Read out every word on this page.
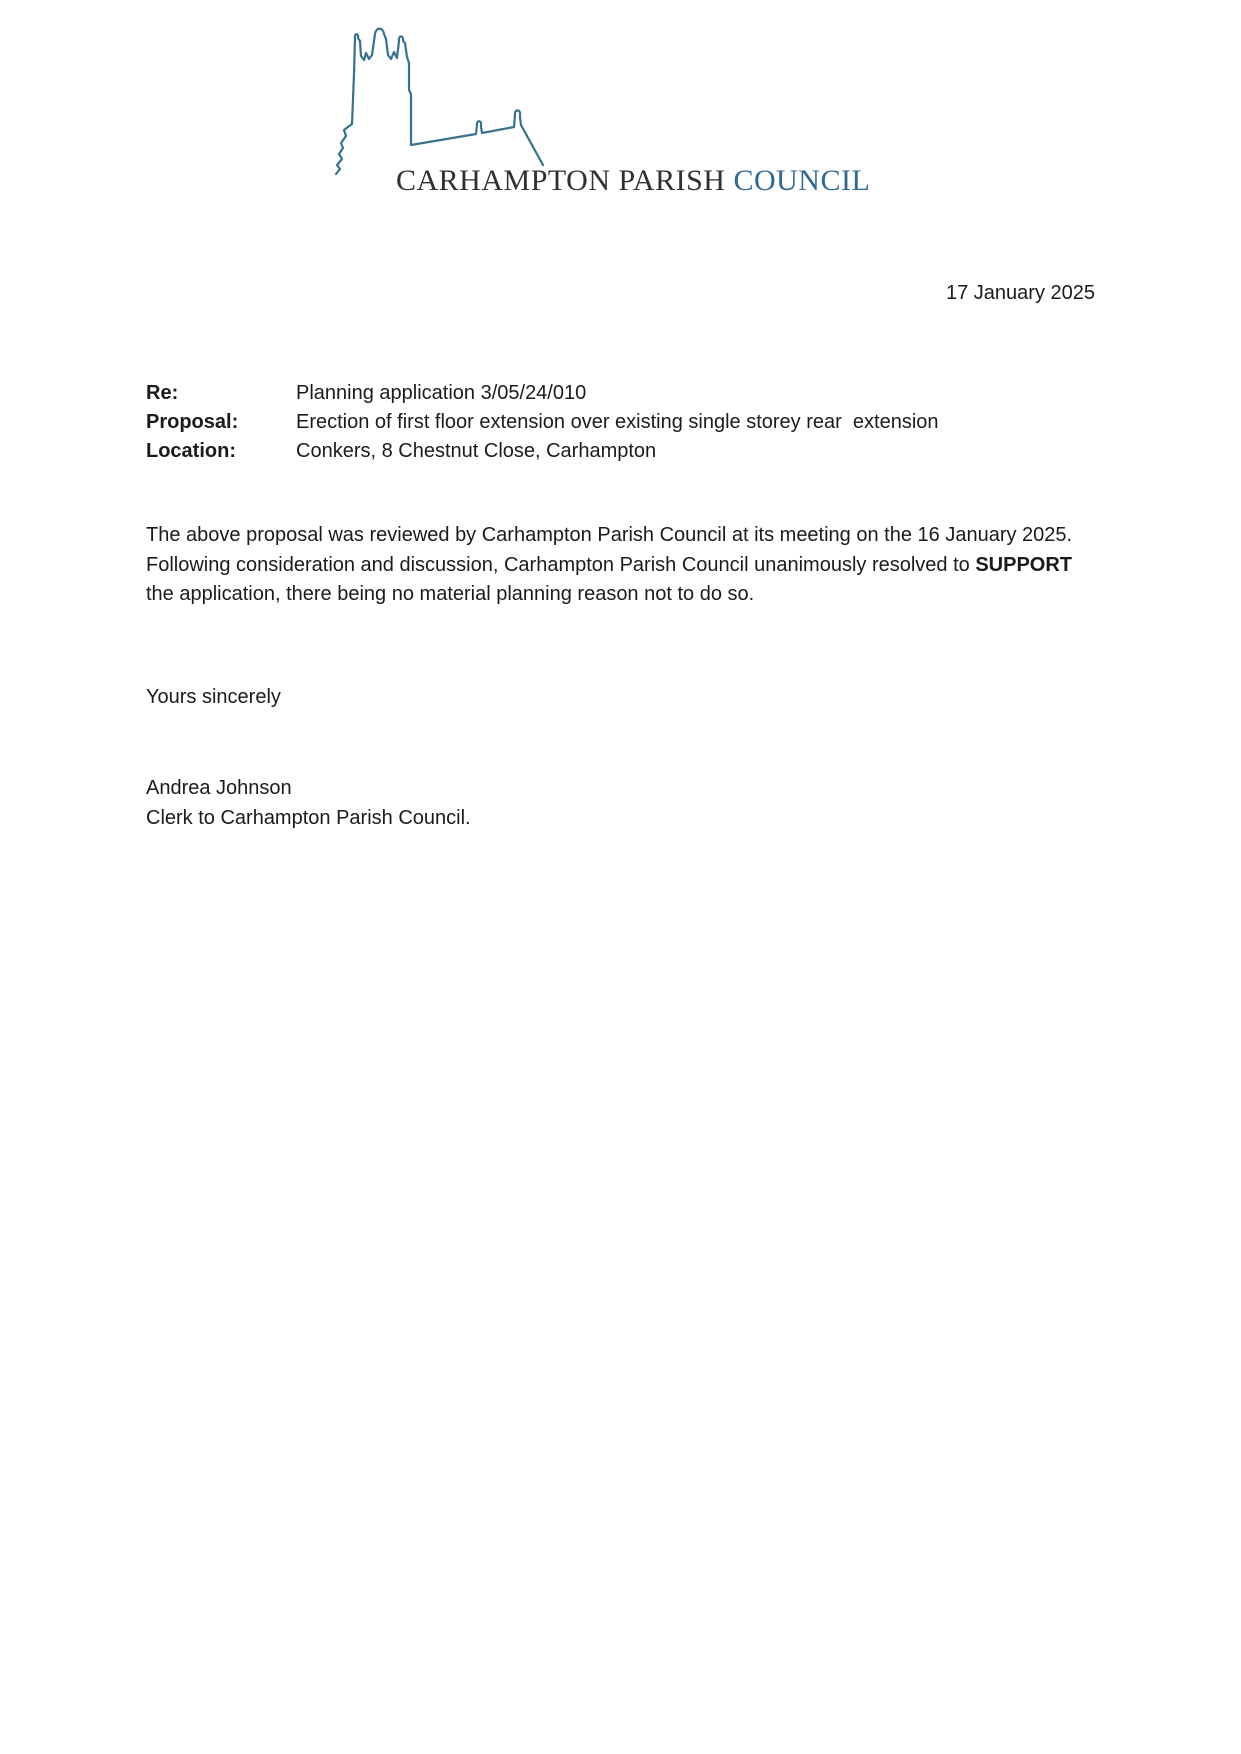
CARHAMPTON PARISH COUNCIL
17 January 2025
Re:	Planning application 3/05/24/010
Proposal:	Erection of first floor extension over existing single storey rear  extension
Location:	Conkers, 8 Chestnut Close, Carhampton

The above proposal was reviewed by Carhampton Parish Council at its meeting on the 16 January 2025. Following consideration and discussion, Carhampton Parish Council unanimously resolved to SUPPORT the application, there being no material planning reason not to do so.

Yours sincerely
Andrea Johnson
Clerk to Carhampton Parish Council.
